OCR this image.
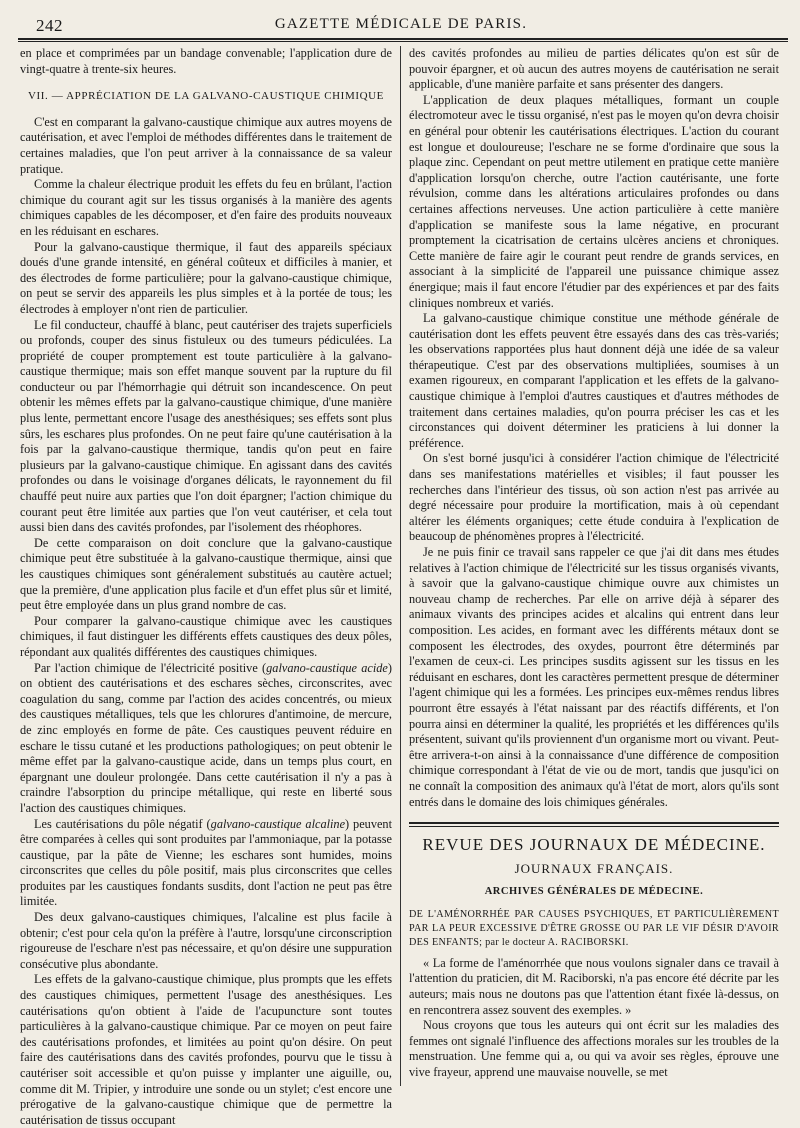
242	GAZETTE MÉDICALE DE PARIS.

en place et comprimées par un bandage convenable; l'application dure de vingt-quatre à trente-six heures.

VII. — APPRÉCIATION DE LA GALVANO-CAUSTIQUE CHIMIQUE

C'est en comparant la galvano-caustique chimique aux autres moyens de cautérisation, et avec l'emploi de méthodes différentes dans le traitement de certaines maladies, que l'on peut arriver à la connaissance de sa valeur pratique.

Comme la chaleur électrique produit les effets du feu en brûlant, l'action chimique du courant agit sur les tissus organisés à la manière des agents chimiques capables de les décomposer, et d'en faire des produits nouveaux en les réduisant en eschares.

Pour la galvano-caustique thermique, il faut des appareils spéciaux doués d'une grande intensité, en général coûteux et difficiles à manier, et des électrodes de forme particulière; pour la galvano-caustique chimique, on peut se servir des appareils les plus simples et à la portée de tous; les électrodes à employer n'ont rien de particulier.

Le fil conducteur, chauffé à blanc, peut cautériser des trajets superficiels ou profonds, couper des sinus fistuleux ou des tumeurs pédiculées. La propriété de couper promptement est toute particulière à la galvano-caustique thermique; mais son effet manque souvent par la rupture du fil conducteur ou par l'hémorrhagie qui détruit son incandescence. On peut obtenir les mêmes effets par la galvano-caustique chimique, d'une manière plus lente, permettant encore l'usage des anesthésiques; ses effets sont plus sûrs, les eschares plus profondes. On ne peut faire qu'une cautérisation à la fois par la galvano-caustique thermique, tandis qu'on peut en faire plusieurs par la galvano-caustique chimique. En agissant dans des cavités profondes ou dans le voisinage d'organes délicats, le rayonnement du fil chauffé peut nuire aux parties que l'on doit épargner; l'action chimique du courant peut être limitée aux parties que l'on veut cautériser, et cela tout aussi bien dans des cavités profondes, par l'isolement des rhéophores.

De cette comparaison on doit conclure que la galvano-caustique chimique peut être substituée à la galvano-caustique thermique, ainsi que les caustiques chimiques sont généralement substitués au cautère actuel; que la première, d'une application plus facile et d'un effet plus sûr et limité, peut être employée dans un plus grand nombre de cas.

Pour comparer la galvano-caustique chimique avec les caustiques chimiques, il faut distinguer les différents effets caustiques des deux pôles, répondant aux qualités différentes des caustiques chimiques.

Par l'action chimique de l'électricité positive (galvano-caustique acide) on obtient des cautérisations et des eschares sèches, circonscrites, avec coagulation du sang, comme par l'action des acides concentrés, ou mieux des caustiques métalliques, tels que les chlorures d'antimoine, de mercure, de zinc employés en forme de pâte. Ces caustiques peuvent réduire en eschare le tissu cutané et les productions pathologiques; on peut obtenir le même effet par la galvano-caustique acide, dans un temps plus court, en épargnant une douleur prolongée. Dans cette cautérisation il n'y a pas à craindre l'absorption du principe métallique, qui reste en liberté sous l'action des caustiques chimiques.

Les cautérisations du pôle négatif (galvano-caustique alcaline) peuvent être comparées à celles qui sont produites par l'ammoniaque, par la potasse caustique, par la pâte de Vienne; les eschares sont humides, moins circonscrites que celles du pôle positif, mais plus circonscrites que celles produites par les caustiques fondants susdits, dont l'action ne peut pas être limitée.

Des deux galvano-caustiques chimiques, l'alcaline est plus facile à obtenir; c'est pour cela qu'on la préfère à l'autre, lorsqu'une circonscription rigoureuse de l'eschare n'est pas nécessaire, et qu'on désire une suppuration consécutive plus abondante.

Les effets de la galvano-caustique chimique, plus prompts que les effets des caustiques chimiques, permettent l'usage des anesthésiques. Les cautérisations qu'on obtient à l'aide de l'acupuncture sont toutes particulières à la galvano-caustique chimique. Par ce moyen on peut faire des cautérisations profondes, et limitées au point qu'on désire. On peut faire des cautérisations dans des cavités profondes, pourvu que le tissu à cautériser soit accessible et qu'on puisse y implanter une aiguille, ou, comme dit M. Tripier, y introduire une sonde ou un stylet; c'est encore une prérogative de la galvano-caustique chimique que de permettre la cautérisation de tissus occupant

des cavités profondes au milieu de parties délicates qu'on est sûr de pouvoir épargner, et où aucun des autres moyens de cautérisation ne serait applicable, d'une manière parfaite et sans présenter des dangers.

L'application de deux plaques métalliques, formant un couple électromoteur avec le tissu organisé, n'est pas le moyen qu'on devra choisir en général pour obtenir les cautérisations électriques. L'action du courant est longue et douloureuse; l'eschare ne se forme d'ordinaire que sous la plaque zinc. Cependant on peut mettre utilement en pratique cette manière d'application lorsqu'on cherche, outre l'action cautérisante, une forte révulsion, comme dans les altérations articulaires profondes ou dans certaines affections nerveuses. Une action particulière à cette manière d'application se manifeste sous la lame négative, en procurant promptement la cicatrisation de certains ulcères anciens et chroniques. Cette manière de faire agir le courant peut rendre de grands services, en associant à la simplicité de l'appareil une puissance chimique assez énergique; mais il faut encore l'étudier par des expériences et par des faits cliniques nombreux et variés.

La galvano-caustique chimique constitue une méthode générale de cautérisation dont les effets peuvent être essayés dans des cas très-variés; les observations rapportées plus haut donnent déjà une idée de sa valeur thérapeutique. C'est par des observations multipliées, soumises à un examen rigoureux, en comparant l'application et les effets de la galvano-caustique chimique à l'emploi d'autres caustiques et d'autres méthodes de traitement dans certaines maladies, qu'on pourra préciser les cas et les circonstances qui doivent déterminer les praticiens à lui donner la préférence.

On s'est borné jusqu'ici à considérer l'action chimique de l'électricité dans ses manifestations matérielles et visibles; il faut pousser les recherches dans l'intérieur des tissus, où son action n'est pas arrivée au degré nécessaire pour produire la mortification, mais à où cependant altérer les éléments organiques; cette étude conduira à l'explication de beaucoup de phénomènes propres à l'électricité.

Je ne puis finir ce travail sans rappeler ce que j'ai dit dans mes études relatives à l'action chimique de l'électricité sur les tissus organisés vivants, à savoir que la galvano-caustique chimique ouvre aux chimistes un nouveau champ de recherches. Par elle on arrive déjà à séparer des animaux vivants des principes acides et alcalins qui entrent dans leur composition. Les acides, en formant avec les différents métaux dont se composent les électrodes, des oxydes, pourront être déterminés par l'examen de ceux-ci. Les principes susdits agissent sur les tissus en les réduisant en eschares, dont les caractères permettent presque de déterminer l'agent chimique qui les a formées. Les principes eux-mêmes rendus libres pourront être essayés à l'état naissant par des réactifs différents, et l'on pourra ainsi en déterminer la qualité, les propriétés et les différences qu'ils présentent, suivant qu'ils proviennent d'un organisme mort ou vivant. Peut-être arrivera-t-on ainsi à la connaissance d'une différence de composition chimique correspondant à l'état de vie ou de mort, tandis que jusqu'ici on ne connaît la composition des animaux qu'à l'état de mort, alors qu'ils sont entrés dans le domaine des lois chimiques générales.

REVUE DES JOURNAUX DE MÉDECINE.
JOURNAUX FRANÇAIS.
ARCHIVES GÉNÉRALES DE MÉDECINE.

DE L'AMÉNORRHÉE PAR CAUSES PSYCHIQUES, ET PARTICULIÈREMENT PAR LA PEUR EXCESSIVE D'ÊTRE GROSSE OU PAR LE VIF DÉSIR D'AVOIR DES ENFANTS; par le docteur A. RACIBORSKI.

« La forme de l'aménorrhée que nous voulons signaler dans ce travail à l'attention du praticien, dit M. Raciborski, n'a pas encore été décrite par les auteurs; mais nous ne doutons pas que l'attention étant fixée là-dessus, on en rencontrera assez souvent des exemples. »

Nous croyons que tous les auteurs qui ont écrit sur les maladies des femmes ont signalé l'influence des affections morales sur les troubles de la menstruation. Une femme qui a, ou qui va avoir ses règles, éprouve une vive frayeur, apprend une mauvaise nouvelle, se met
